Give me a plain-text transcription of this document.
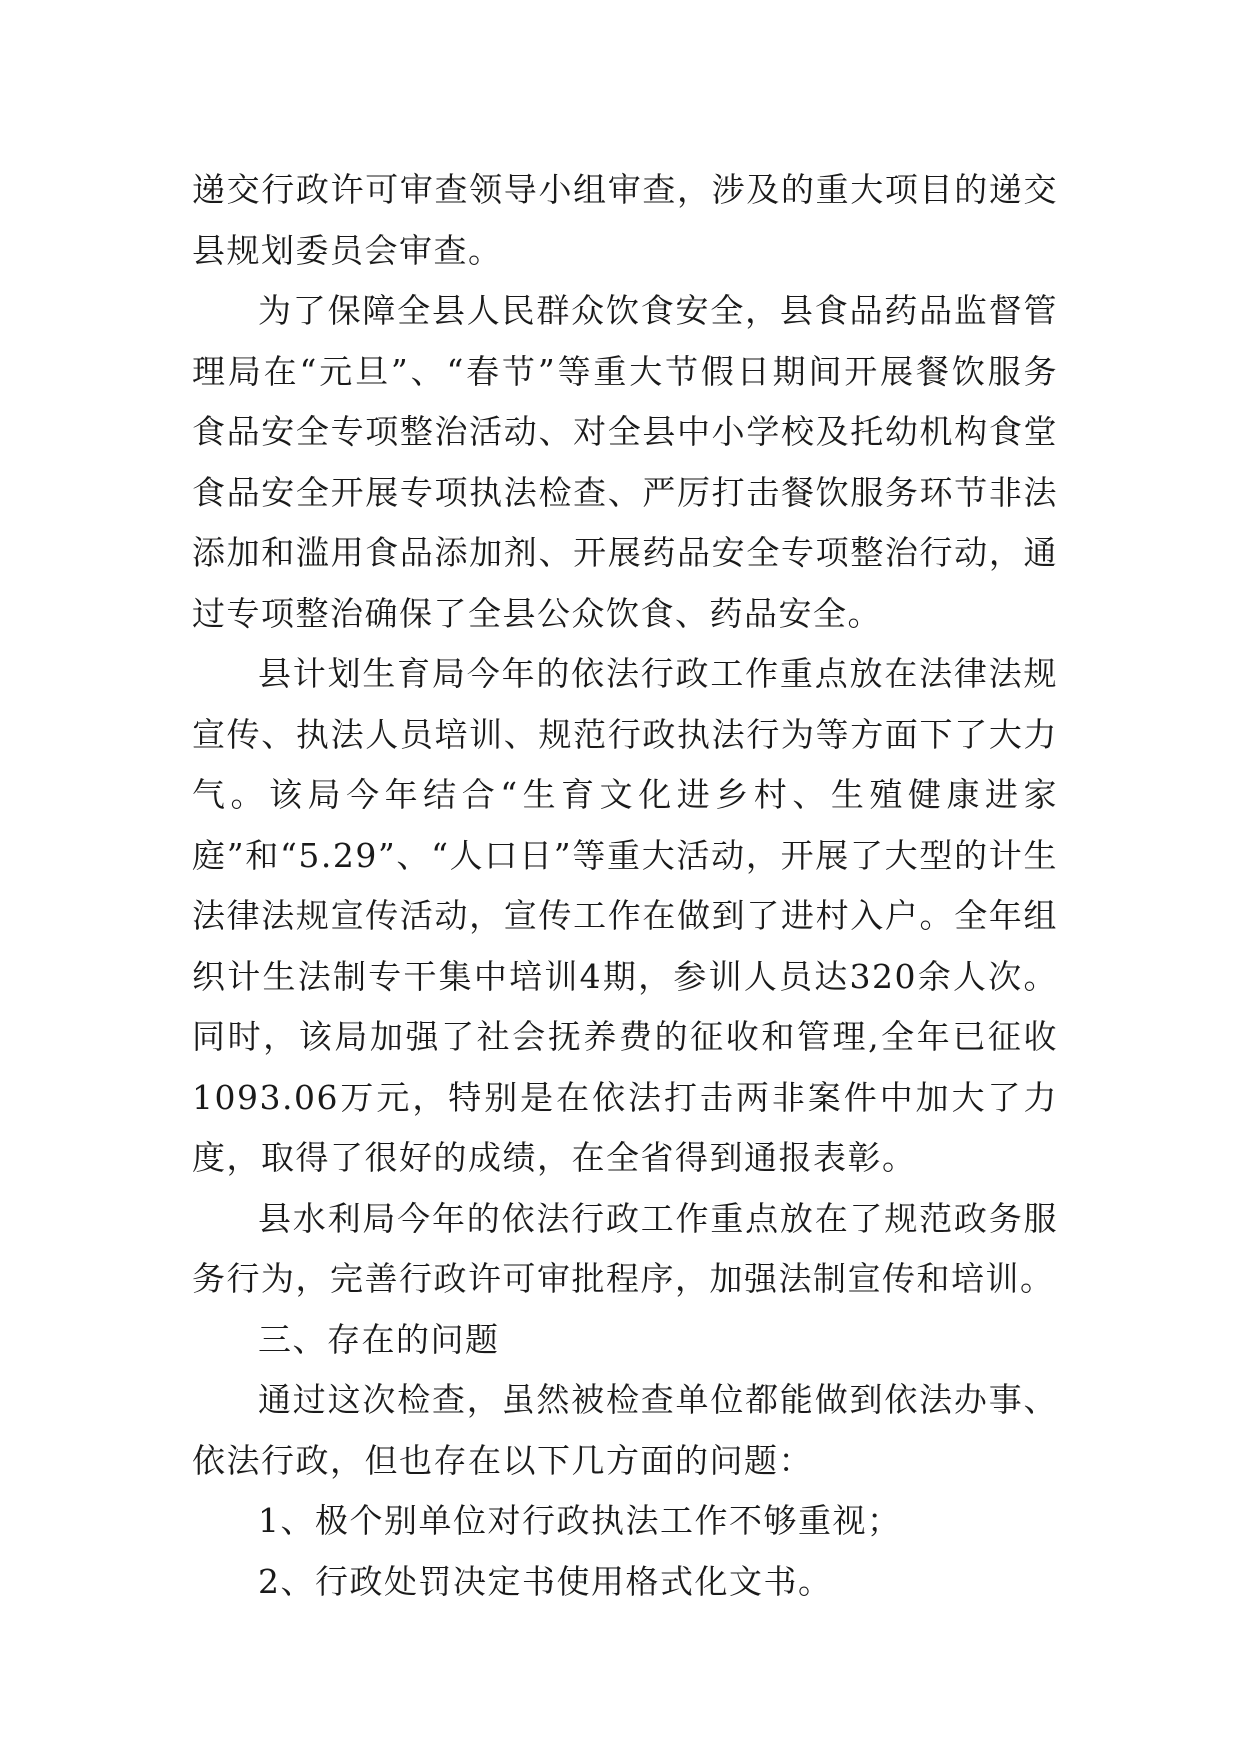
递交行政许可审查领导小组审查，涉及的重大项目的递交县规划委员会审查。

为了保障全县人民群众饮食安全，县食品药品监督管理局在“元旦”、“春节”等重大节假日期间开展餐饮服务食品安全专项整治活动、对全县中小学校及托幼机构食堂食品安全开展专项执法检查、严厉打击餐饮服务环节非法添加和滥用食品添加剂、开展药品安全专项整治行动，通过专项整治确保了全县公众饮食、药品安全。

县计划生育局今年的依法行政工作重点放在法律法规宣传、执法人员培训、规范行政执法行为等方面下了大力气。该局今年结合“生育文化进乡村、生殖健康进家庭”和“5.29”、“人口日”等重大活动，开展了大型的计生法律法规宣传活动，宣传工作在做到了进村入户。全年组织计生法制专干集中培训4期，参训人员达320余人次。同时，该局加强了社会抚养费的征收和管理,全年已征收1093.06万元，特别是在依法打击两非案件中加大了力度，取得了很好的成绩，在全省得到通报表彰。

县水利局今年的依法行政工作重点放在了规范政务服务行为，完善行政许可审批程序，加强法制宣传和培训。

三、存在的问题

通过这次检查，虽然被检查单位都能做到依法办事、依法行政，但也存在以下几方面的问题：

1、极个别单位对行政执法工作不够重视；

2、行政处罚决定书使用格式化文书。
